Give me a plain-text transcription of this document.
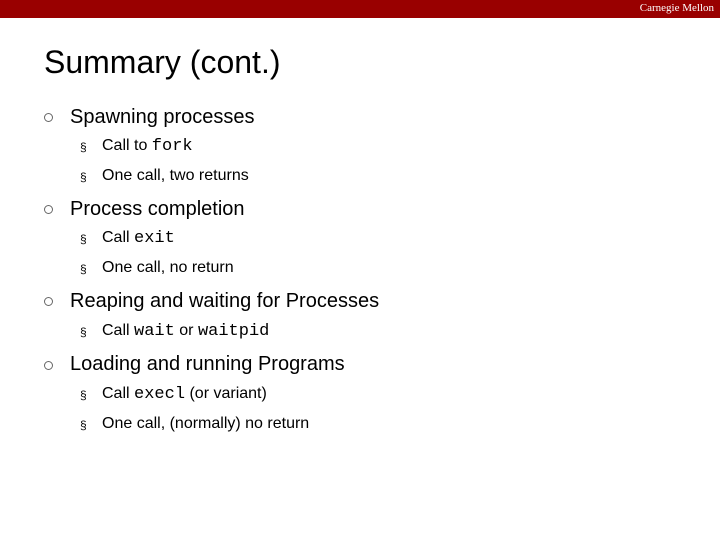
Carnegie Mellon
Summary (cont.)
Spawning processes
§ Call to fork
§ One call, two returns
Process completion
§ Call exit
§ One call, no return
Reaping and waiting for Processes
§ Call wait or waitpid
Loading and running Programs
§ Call execl (or variant)
§ One call, (normally) no return
